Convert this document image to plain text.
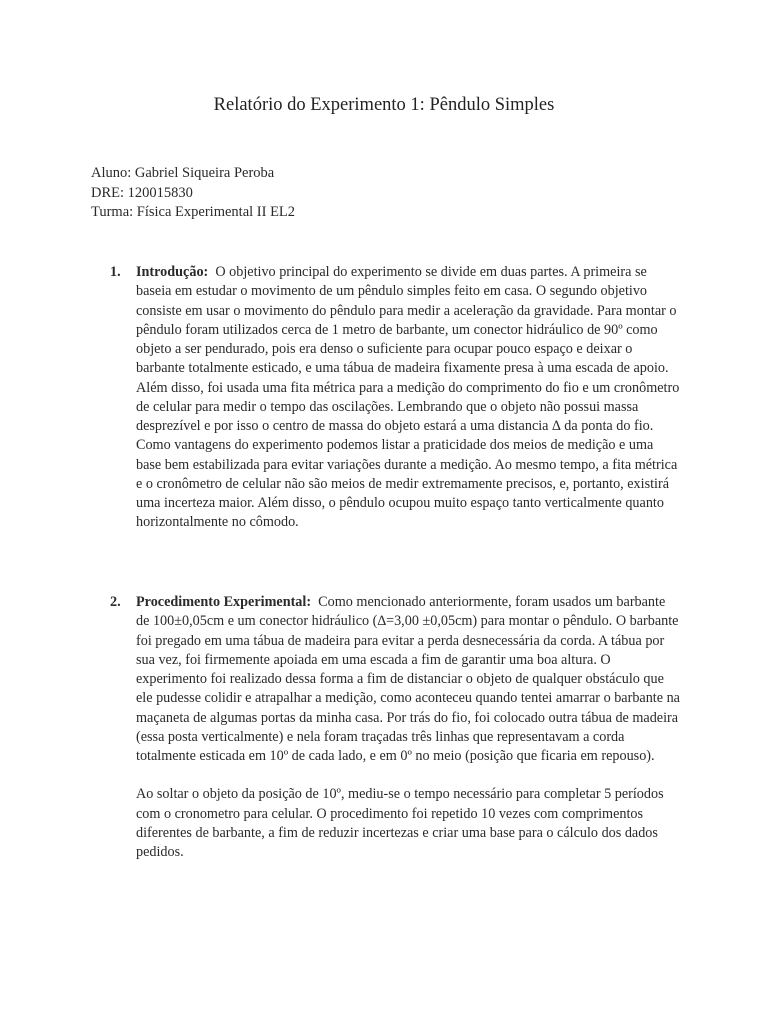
Relatório do Experimento 1: Pêndulo Simples
Aluno: Gabriel Siqueira Peroba
DRE: 120015830
Turma: Física Experimental II EL2
1. Introdução: O objetivo principal do experimento se divide em duas partes. A primeira se baseia em estudar o movimento de um pêndulo simples feito em casa. O segundo objetivo consiste em usar o movimento do pêndulo para medir a aceleração da gravidade. Para montar o pêndulo foram utilizados cerca de 1 metro de barbante, um conector hidráulico de 90º como objeto a ser pendurado, pois era denso o suficiente para ocupar pouco espaço e deixar o barbante totalmente esticado, e uma tábua de madeira fixamente presa à uma escada de apoio. Além disso, foi usada uma fita métrica para a medição do comprimento do fio e um cronômetro de celular para medir o tempo das oscilações. Lembrando que o objeto não possui massa desprezível e por isso o centro de massa do objeto estará a uma distancia ∆ da ponta do fio. Como vantagens do experimento podemos listar a praticidade dos meios de medição e uma base bem estabilizada para evitar variações durante a medição. Ao mesmo tempo, a fita métrica e o cronômetro de celular não são meios de medir extremamente precisos, e, portanto, existirá uma incerteza maior. Além disso, o pêndulo ocupou muito espaço tanto verticalmente quanto horizontalmente no cômodo.

2. Procedimento Experimental: Como mencionado anteriormente, foram usados um barbante de 100±0,05cm e um conector hidráulico (∆=3,00 ±0,05cm) para montar o pêndulo. O barbante foi pregado em uma tábua de madeira para evitar a perda desnecessária da corda. A tábua por sua vez, foi firmemente apoiada em uma escada a fim de garantir uma boa altura. O experimento foi realizado dessa forma a fim de distanciar o objeto de qualquer obstáculo que ele pudesse colidir e atrapalhar a medição, como aconteceu quando tentei amarrar o barbante na maçaneta de algumas portas da minha casa. Por trás do fio, foi colocado outra tábua de madeira (essa posta verticalmente) e nela foram traçadas três linhas que representavam a corda totalmente esticada em 10º de cada lado, e em 0º no meio (posição que ficaria em repouso).

Ao soltar o objeto da posição de 10º, mediu-se o tempo necessário para completar 5 períodos com o cronometro para celular. O procedimento foi repetido 10 vezes com comprimentos diferentes de barbante, a fim de reduzir incertezas e criar uma base para o cálculo dos dados pedidos.
